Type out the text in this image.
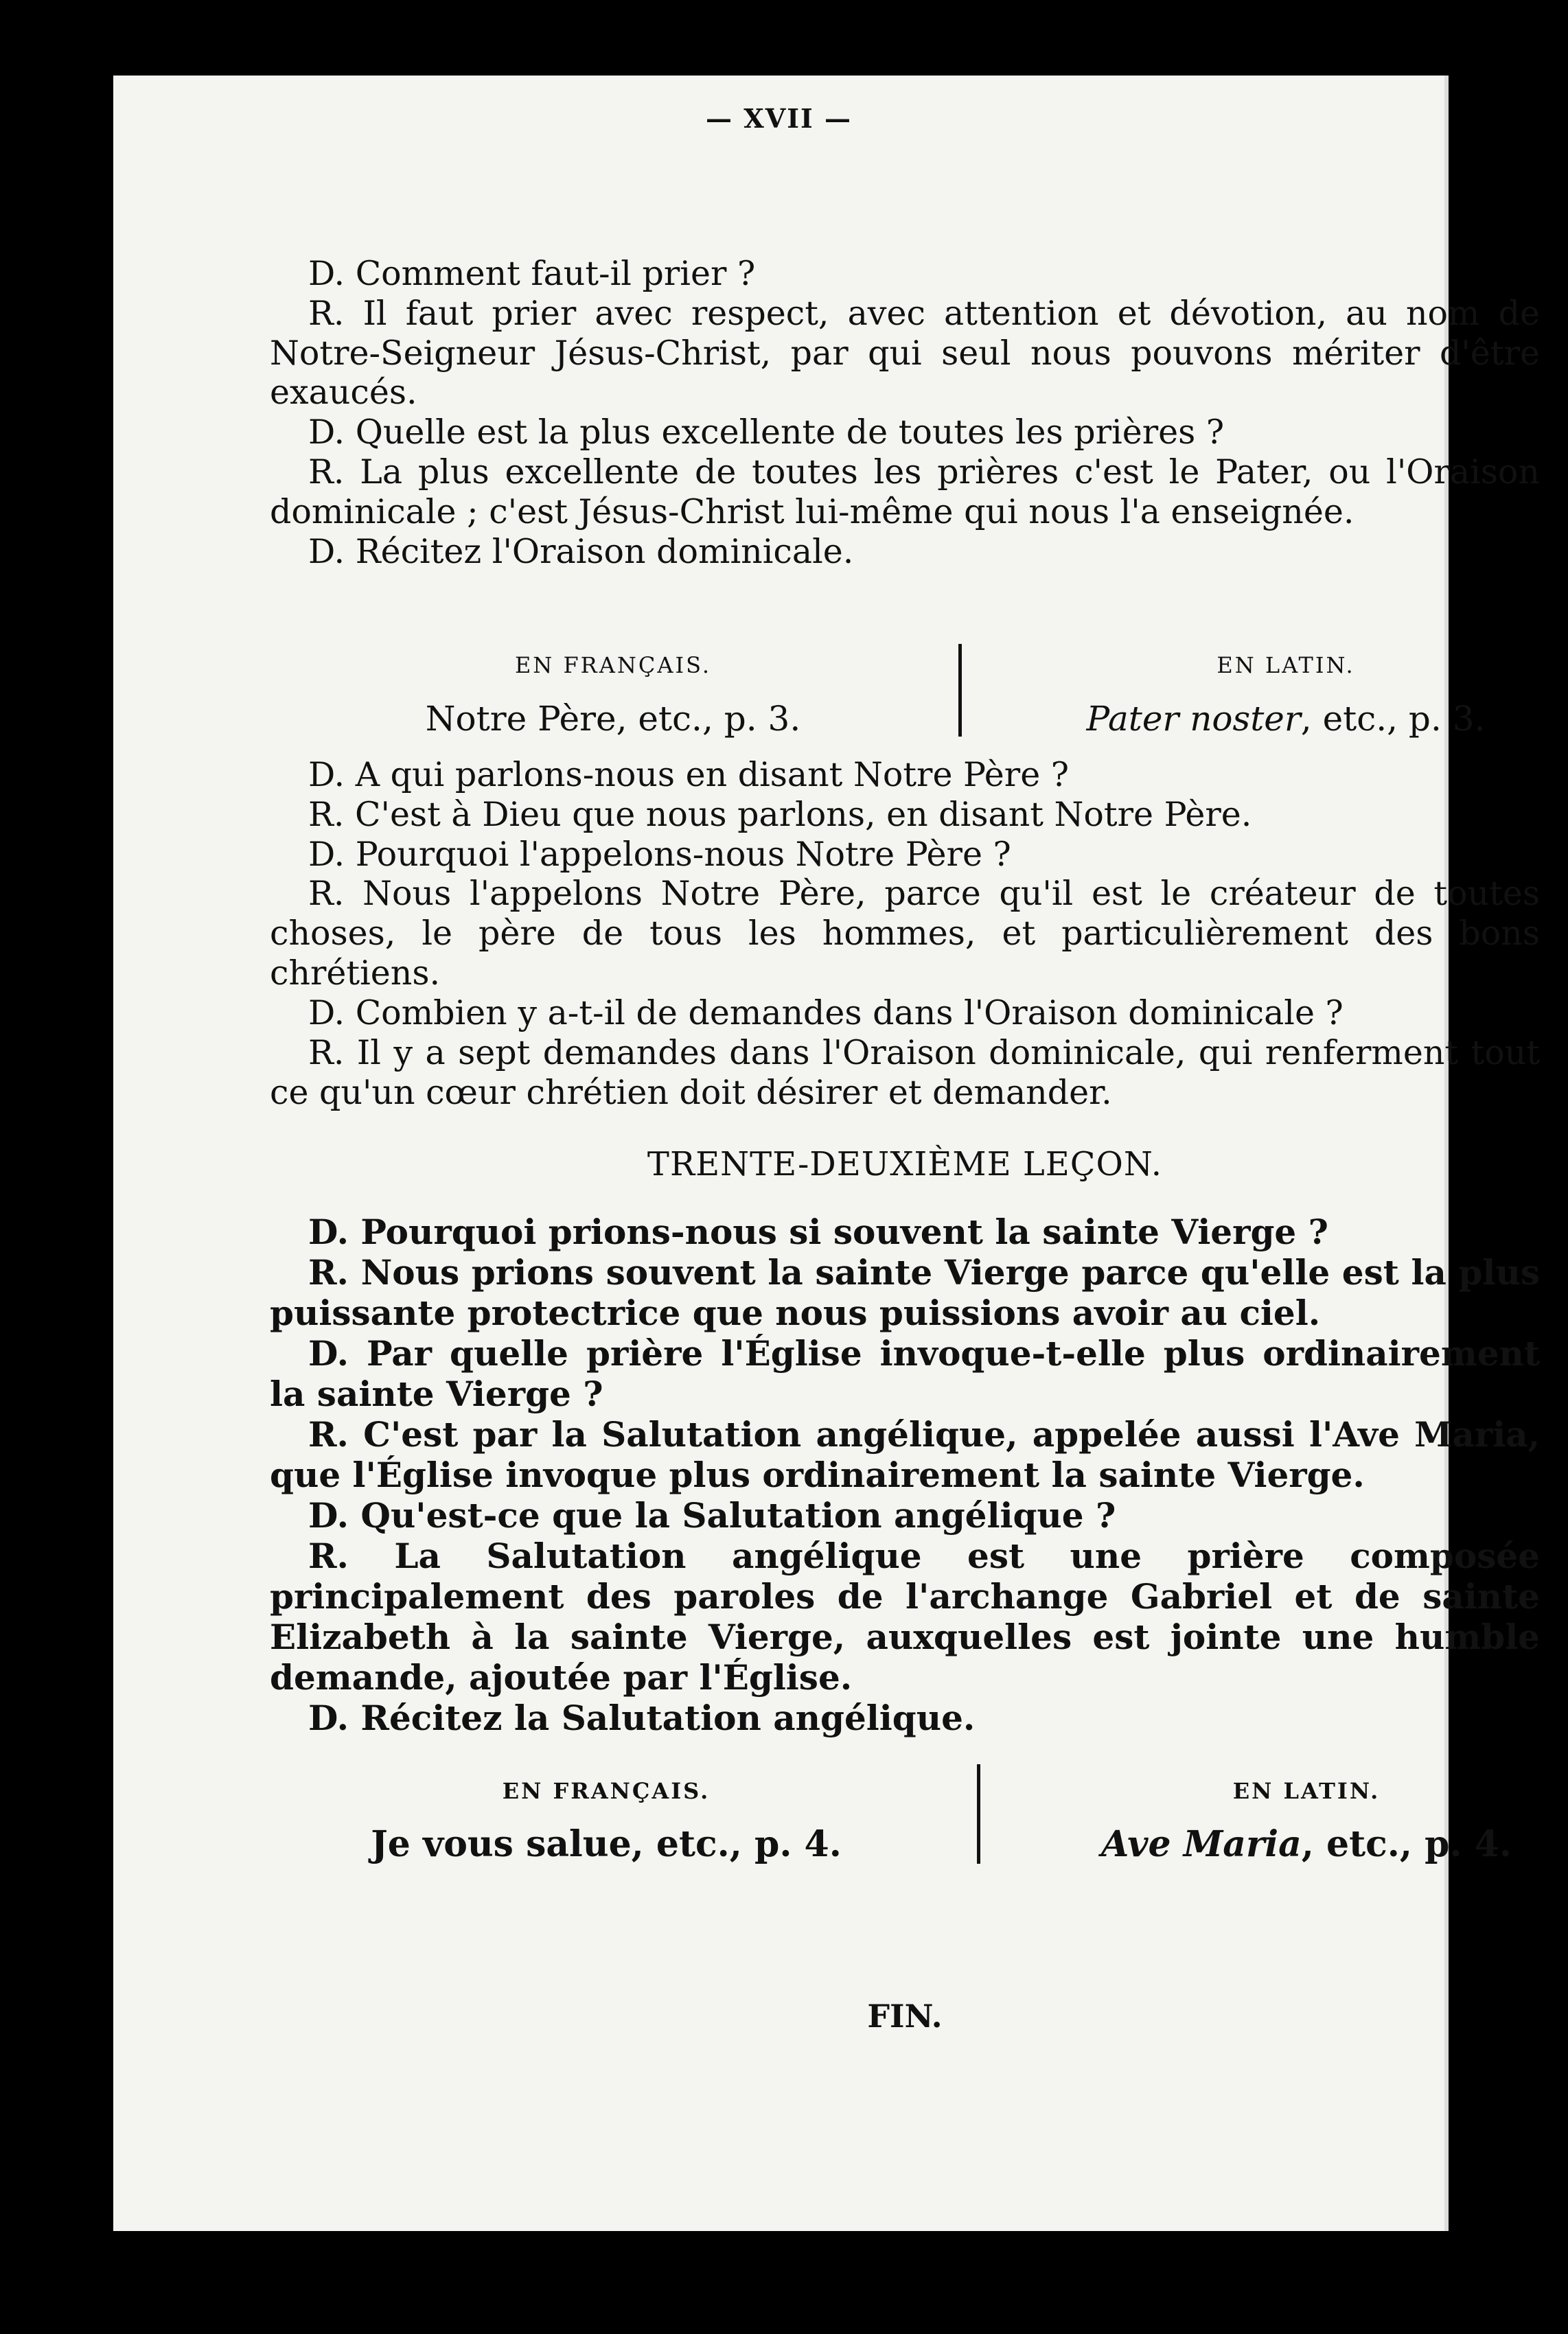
— XVII —

D. Comment faut-il prier ?

R. Il faut prier avec respect, avec attention et dévotion, au nom de Notre-Seigneur Jésus-Christ, par qui seul nous pouvons mériter d'être exaucés.

D. Quelle est la plus excellente de toutes les prières ?

R. La plus excellente de toutes les prières c'est le Pater, ou l'Oraison dominicale ; c'est Jésus-Christ lui-même qui nous l'a enseignée.

D. Récitez l'Oraison dominicale.

EN FRANÇAIS.
Notre Père, etc., p. 3.
EN LATIN.
Pater noster, etc., p. 3.

D. A qui parlons-nous en disant Notre Père ?

R. C'est à Dieu que nous parlons, en disant Notre Père.

D. Pourquoi l'appelons-nous Notre Père ?

R. Nous l'appelons Notre Père, parce qu'il est le créateur de toutes choses, le père de tous les hommes, et particulièrement des bons chrétiens.

D. Combien y a-t-il de demandes dans l'Oraison dominicale ?

R. Il y a sept demandes dans l'Oraison dominicale, qui renferment tout ce qu'un cœur chrétien doit désirer et demander.

TRENTE-DEUXIÈME LEÇON.

D. Pourquoi prions-nous si souvent la sainte Vierge ?

R. Nous prions souvent la sainte Vierge parce qu'elle est la plus puissante protectrice que nous puissions avoir au ciel.

D. Par quelle prière l'Église invoque-t-elle plus ordinairement la sainte Vierge ?

R. C'est par la Salutation angélique, appelée aussi l'Ave Maria, que l'Église invoque plus ordinairement la sainte Vierge.

D. Qu'est-ce que la Salutation angélique ?

R. La Salutation angélique est une prière composée principalement des paroles de l'archange Gabriel et de sainte Elizabeth à la sainte Vierge, auxquelles est jointe une humble demande, ajoutée par l'Église.

D. Récitez la Salutation angélique.

EN FRANÇAIS.
Je vous salue, etc., p. 4.
EN LATIN.
Ave Maria, etc., p. 4.
FIN.
